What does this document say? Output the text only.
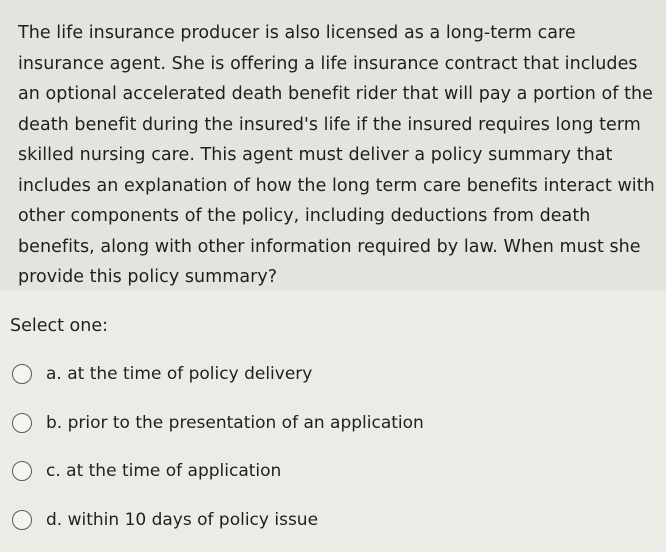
The life insurance producer is also licensed as a long-term care insurance agent. She is offering a life insurance contract that includes an optional accelerated death benefit rider that will pay a portion of the death benefit during the insured's life if the insured requires long term skilled nursing care. This agent must deliver a policy summary that includes an explanation of how the long term care benefits interact with other components of the policy, including deductions from death benefits, along with other information required by law. When must she provide this policy summary?

Select one:

a. at the time of policy delivery
b. prior to the presentation of an application
c. at the time of application
d. within 10 days of policy issue
